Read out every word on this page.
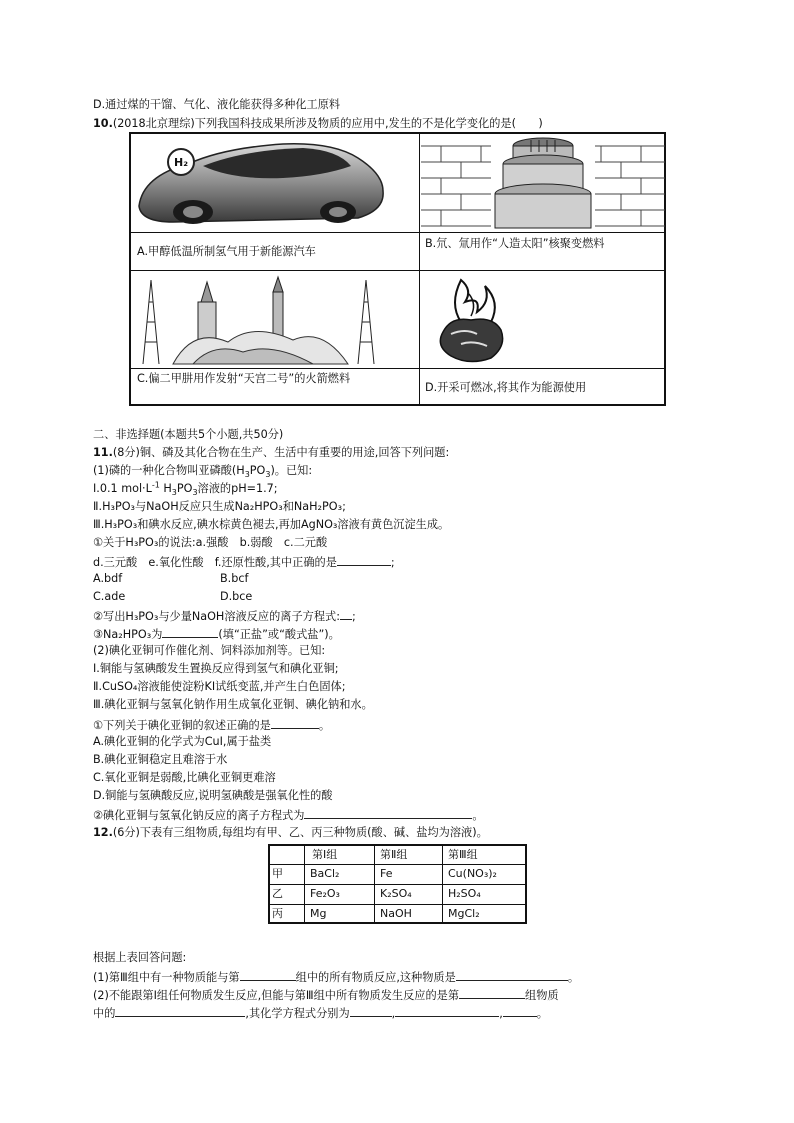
D.通过煤的干馏、气化、液化能获得多种化工原料
10.(2018北京理综)下列我国科技成果所涉及物质的应用中,发生的不是化学变化的是(　　)
H₂
A.甲醇低温所制氢气用于新能源汽车
B.氘、氚用作“人造太阳”核聚变燃料
C.偏二甲肼用作发射“天宫二号”的火箭燃料
D.开采可燃冰,将其作为能源使用
二、非选择题(本题共5个小题,共50分)
11.(8分)铜、磷及其化合物在生产、生活中有重要的用途,回答下列问题:
(1)磷的一种化合物叫亚磷酸$(H_3PO_3)$。已知:
Ⅰ.0.1 $mol\cdot L^{-1}$ $H_3PO_3$溶液的pH=1.7;
Ⅱ.H₃PO₃与NaOH反应只生成Na₂HPO₃和NaH₂PO₃;
Ⅲ.H₃PO₃和碘水反应,碘水棕黄色褪去,再加AgNO₃溶液有黄色沉淀生成。
①关于H₃PO₃的说法:a.强酸　b.弱酸　c.二元酸
d.三元酸　e.氧化性酸　f.还原性酸,其中正确的是	;
A.bdf	B.bcf
C.ade	D.bce
②写出H₃PO₃与少量NaOH溶液反应的离子方程式: ;
③Na₂HPO₃为	(填“正盐”或“酸式盐”)。
(2)碘化亚铜可作催化剂、饲料添加剂等。已知:
Ⅰ.铜能与氢碘酸发生置换反应得到氢气和碘化亚铜;
Ⅱ.CuSO₄溶液能使淀粉KI试纸变蓝,并产生白色固体;
Ⅲ.碘化亚铜与氢氧化钠作用生成氧化亚铜、碘化钠和水。
①下列关于碘化亚铜的叙述正确的是	。
A.碘化亚铜的化学式为CuI,属于盐类
B.碘化亚铜稳定且难溶于水
C.氧化亚铜是弱酸,比碘化亚铜更难溶
D.铜能与氢碘酸反应,说明氢碘酸是强氧化性的酸
②碘化亚铜与氢氧化钠反应的离子方程式为	。
12.(6分)下表有三组物质,每组均有甲、乙、丙三种物质(酸、碱、盐均为溶液)。
第Ⅰ组	第Ⅱ组	第Ⅲ组
甲 BaCl₂	Fe	Cu(NO₃)₂
乙 Fe₂O₃	K₂SO₄	H₂SO₄
丙 Mg	NaOH	MgCl₂
根据上表回答问题:
(1)第Ⅲ组中有一种物质能与第	组中的所有物质反应,这种物质是	。
(2)不能跟第Ⅰ组任何物质发生反应,但能与第Ⅲ组中所有物质发生反应的是第	组物质
中的	,其化学方程式分别为	,	,	。
